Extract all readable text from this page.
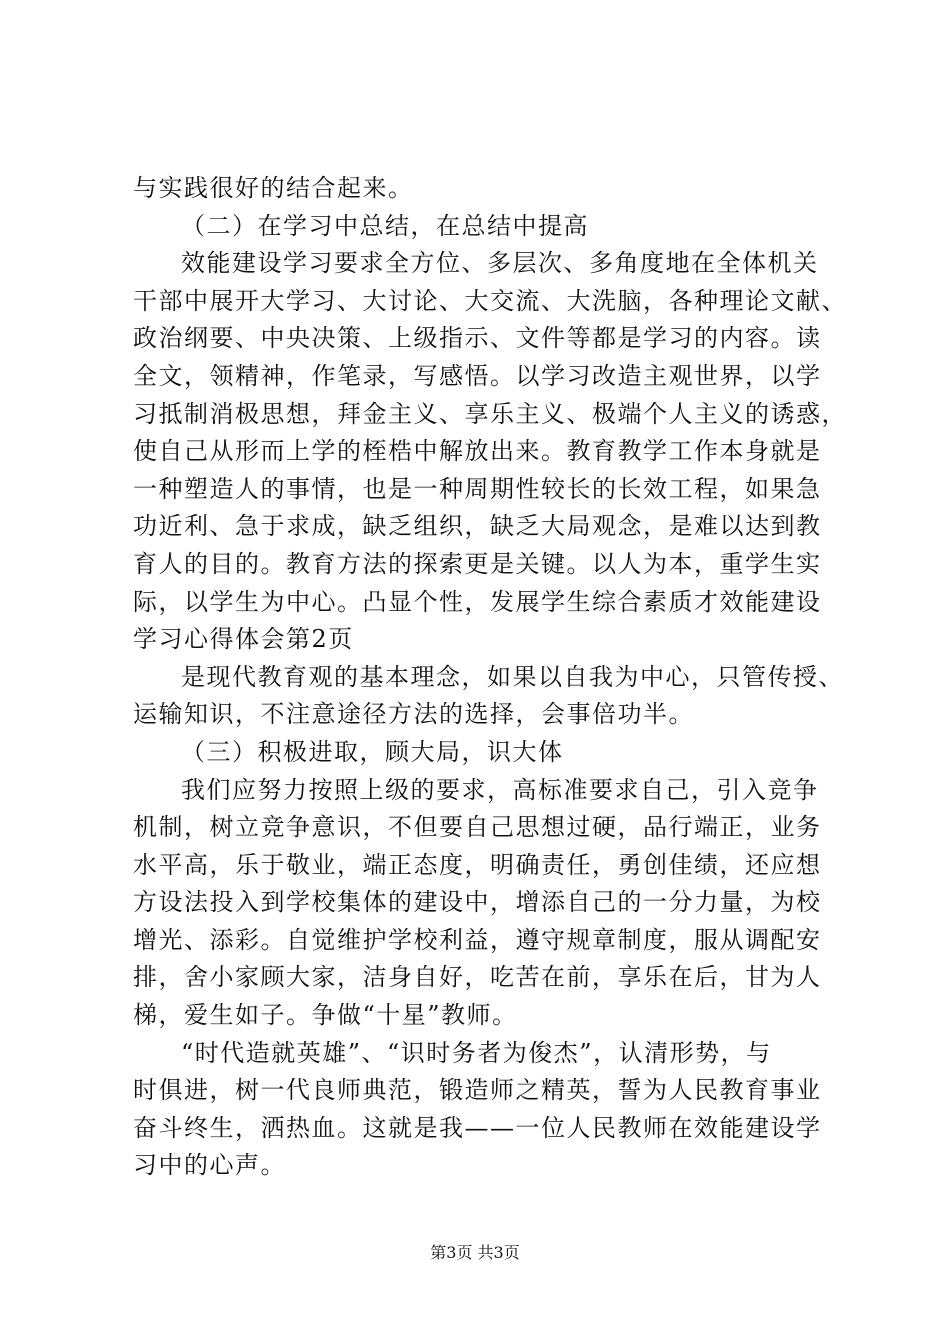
与实践很好的结合起来。
（二）在学习中总结，在总结中提高
效能建设学习要求全方位、多层次、多角度地在全体机关
干部中展开大学习、大讨论、大交流、大洗脑，各种理论文献、
政治纲要、中央决策、上级指示、文件等都是学习的内容。读
全文，领精神，作笔录，写感悟。以学习改造主观世界，以学
习抵制消极思想，拜金主义、享乐主义、极端个人主义的诱惑，
使自己从形而上学的桎梏中解放出来。教育教学工作本身就是
一种塑造人的事情，也是一种周期性较长的长效工程，如果急
功近利、急于求成，缺乏组织，缺乏大局观念，是难以达到教
育人的目的。教育方法的探索更是关键。以人为本，重学生实
际，以学生为中心。凸显个性，发展学生综合素质才效能建设
学习心得体会第2页
是现代教育观的基本理念，如果以自我为中心，只管传授、
运输知识，不注意途径方法的选择，会事倍功半。
（三）积极进取，顾大局，识大体
我们应努力按照上级的要求，高标准要求自己，引入竞争
机制，树立竞争意识，不但要自己思想过硬，品行端正，业务
水平高，乐于敬业，端正态度，明确责任，勇创佳绩，还应想
方设法投入到学校集体的建设中，增添自己的一分力量，为校
增光、添彩。自觉维护学校利益，遵守规章制度，服从调配安
排，舍小家顾大家，洁身自好，吃苦在前，享乐在后，甘为人
梯，爱生如子。争做“十星”教师。
“时代造就英雄”、“识时务者为俊杰”，认清形势，与
时俱进，树一代良师典范，锻造师之精英，誓为人民教育事业
奋斗终生，洒热血。这就是我——一位人民教师在效能建设学
习中的心声。
第3页 共3页
